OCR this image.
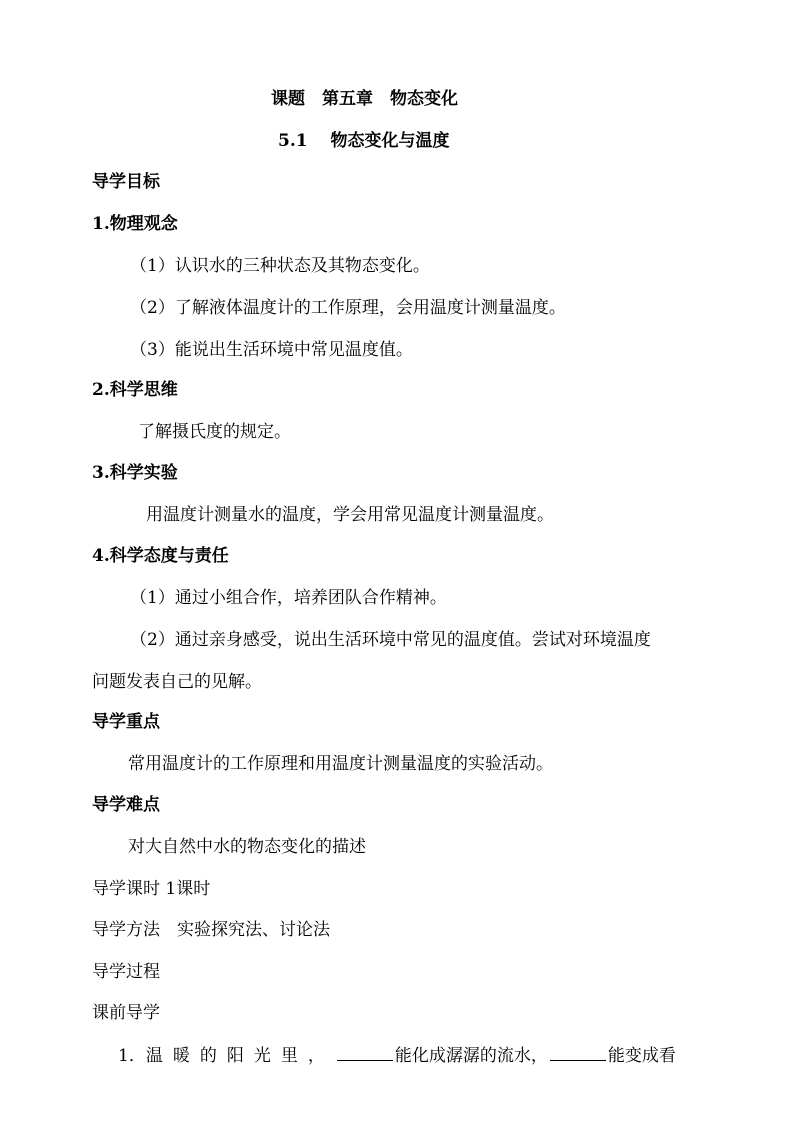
课题　第五章　物态变化
5.1　 物态变化与温度
导学目标
1.物理观念
（1）认识水的三种状态及其物态变化。
（2）了解液体温度计的工作原理，会用温度计测量温度。
（3）能说出生活环境中常见温度值。
2.科学思维
了解摄氏度的规定。
3.科学实验
用温度计测量水的温度，学会用常见温度计测量温度。
4.科学态度与责任
（1）通过小组合作，培养团队合作精神。
（2）通过亲身感受，说出生活环境中常见的温度值。尝试对环境温度
问题发表自己的见解。
导学重点
常用温度计的工作原理和用温度计测量温度的实验活动。
导学难点
对大自然中水的物态变化的描述
导学课时 1课时
导学方法　实验探究法、讨论法
导学过程
课前导学
1．温暖的阳光里，	能化成潺潺的流水，	能变成看
